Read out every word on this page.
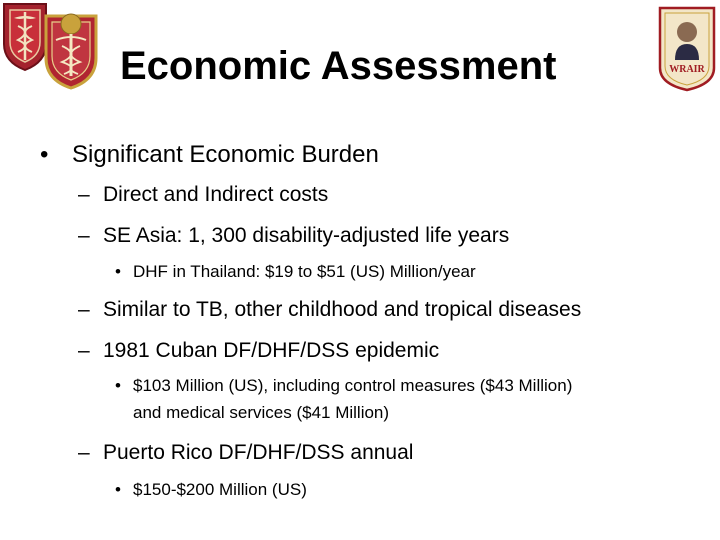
WRAIR
Economic Assessment
• Significant Economic Burden
– Direct and Indirect costs
– SE Asia: 1, 300 disability-adjusted life years
• DHF in Thailand: $19 to $51 (US) Million/year
– Similar to TB, other childhood and tropical diseases
– 1981 Cuban DF/DHF/DSS epidemic
• $103 Million (US), including control measures ($43 Million)
and medical services ($41 Million)
– Puerto Rico DF/DHF/DSS annual
• $150-$200 Million (US)
